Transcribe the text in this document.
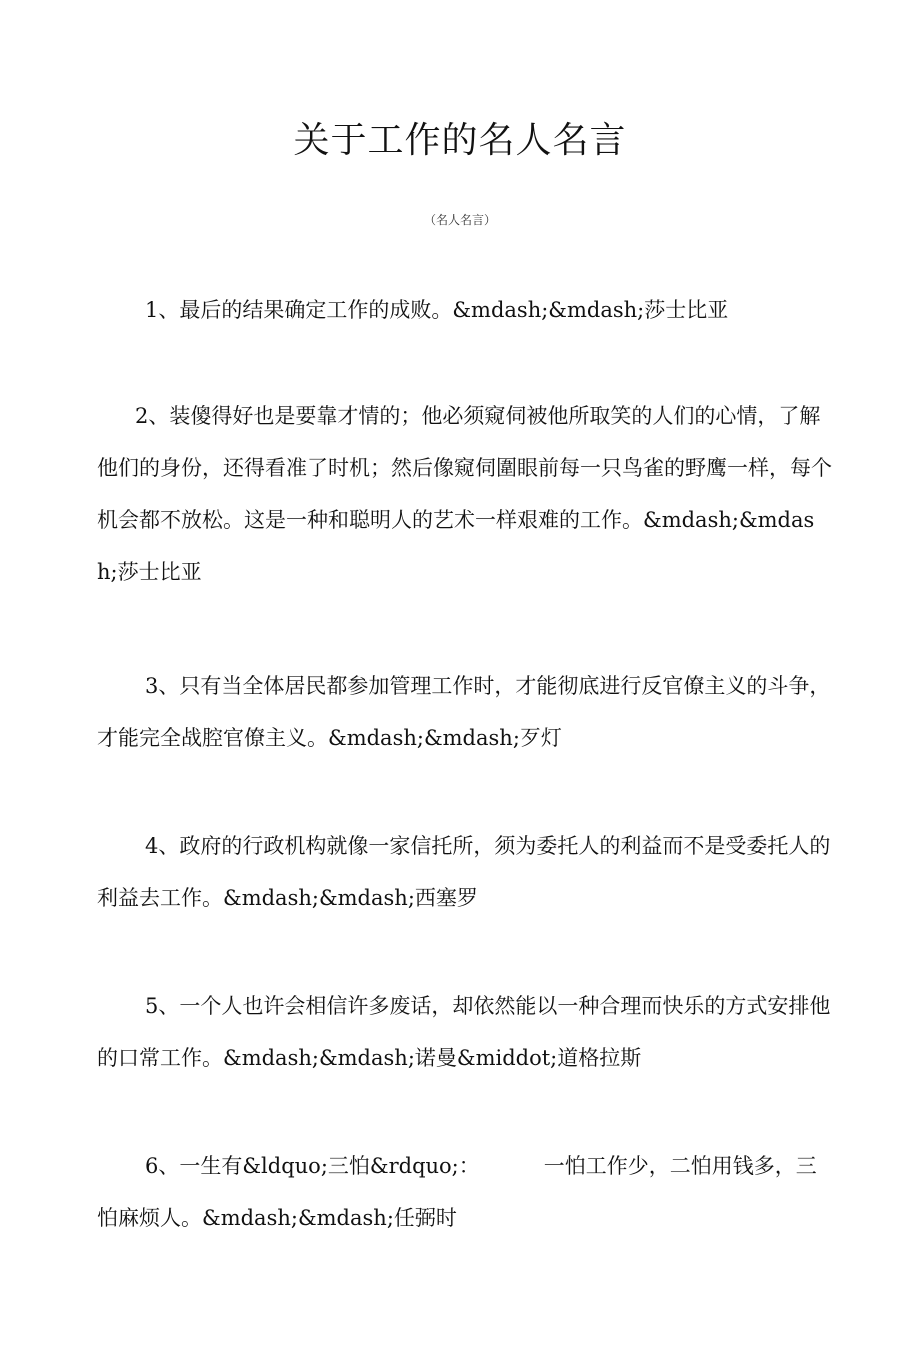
关于工作的名人名言

（名人名言）

1、最后的结果确定工作的成败。&mdash;&mdash;莎士比亚

2、装傻得好也是要靠才情的；他必须窥伺被他所取笑的人们的心情，了解他们的身份，还得看准了时机；然后像窥伺圍眼前每一只鸟雀的野鹰一样，每个机会都不放松。这是一种和聪明人的艺术一样艰难的工作。&mdash;&mdash;莎士比亚

3、只有当全体居民都参加管理工作时，才能彻底进行反官僚主义的斗争，才能完全战腔官僚主义。&mdash;&mdash;歹灯

4、政府的行政机构就像一家信托所，须为委托人的利益而不是受委托人的利益去工作。&mdash;&mdash;西塞罗

5、一个人也许会相信许多废话，却依然能以一种合理而快乐的方式安排他的口常工作。&mdash;&mdash;诺曼&middot;道格拉斯

6、一生有&ldquo;三怕&rdquo;：	一怕工作少，二怕用钱多，三怕麻烦人。&mdash;&mdash;任弼时
